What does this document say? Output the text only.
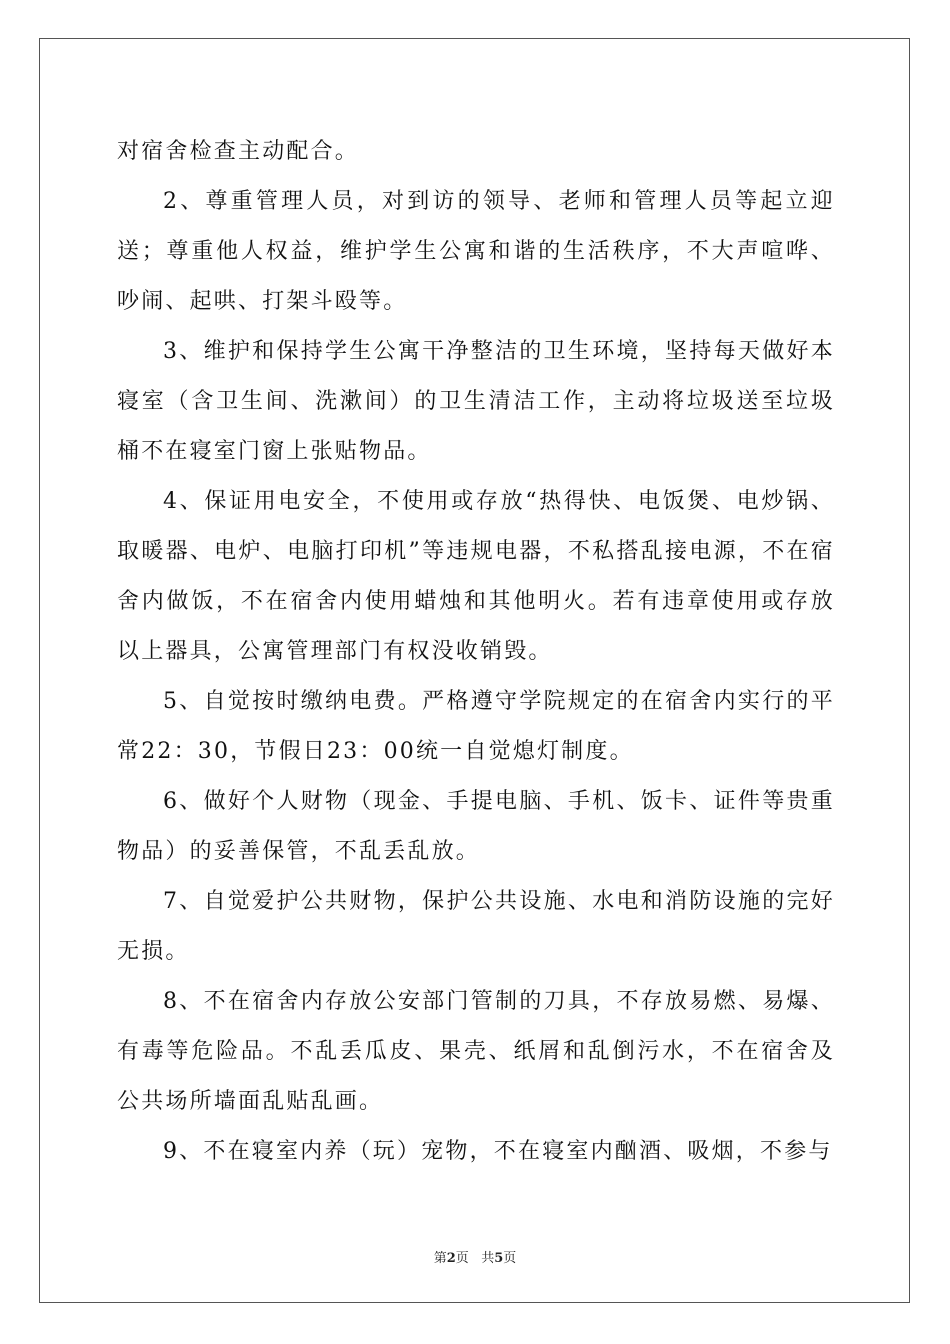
对宿舍检查主动配合。

2、尊重管理人员，对到访的领导、老师和管理人员等起立迎送；尊重他人权益，维护学生公寓和谐的生活秩序，不大声喧哗、吵闹、起哄、打架斗殴等。

3、维护和保持学生公寓干净整洁的卫生环境，坚持每天做好本寝室（含卫生间、洗漱间）的卫生清洁工作，主动将垃圾送至垃圾桶不在寝室门窗上张贴物品。

4、保证用电安全，不使用或存放“热得快、电饭煲、电炒锅、取暖器、电炉、电脑打印机”等违规电器，不私搭乱接电源，不在宿舍内做饭，不在宿舍内使用蜡烛和其他明火。若有违章使用或存放以上器具，公寓管理部门有权没收销毁。

5、自觉按时缴纳电费。严格遵守学院规定的在宿舍内实行的平常22：30，节假日23：00统一自觉熄灯制度。

6、做好个人财物（现金、手提电脑、手机、饭卡、证件等贵重物品）的妥善保管，不乱丢乱放。

7、自觉爱护公共财物，保护公共设施、水电和消防设施的完好无损。

8、不在宿舍内存放公安部门管制的刀具，不存放易燃、易爆、有毒等危险品。不乱丢瓜皮、果壳、纸屑和乱倒污水，不在宿舍及公共场所墙面乱贴乱画。

9、不在寝室内养（玩）宠物，不在寝室内酗酒、吸烟，不参与

第2页 共5页
